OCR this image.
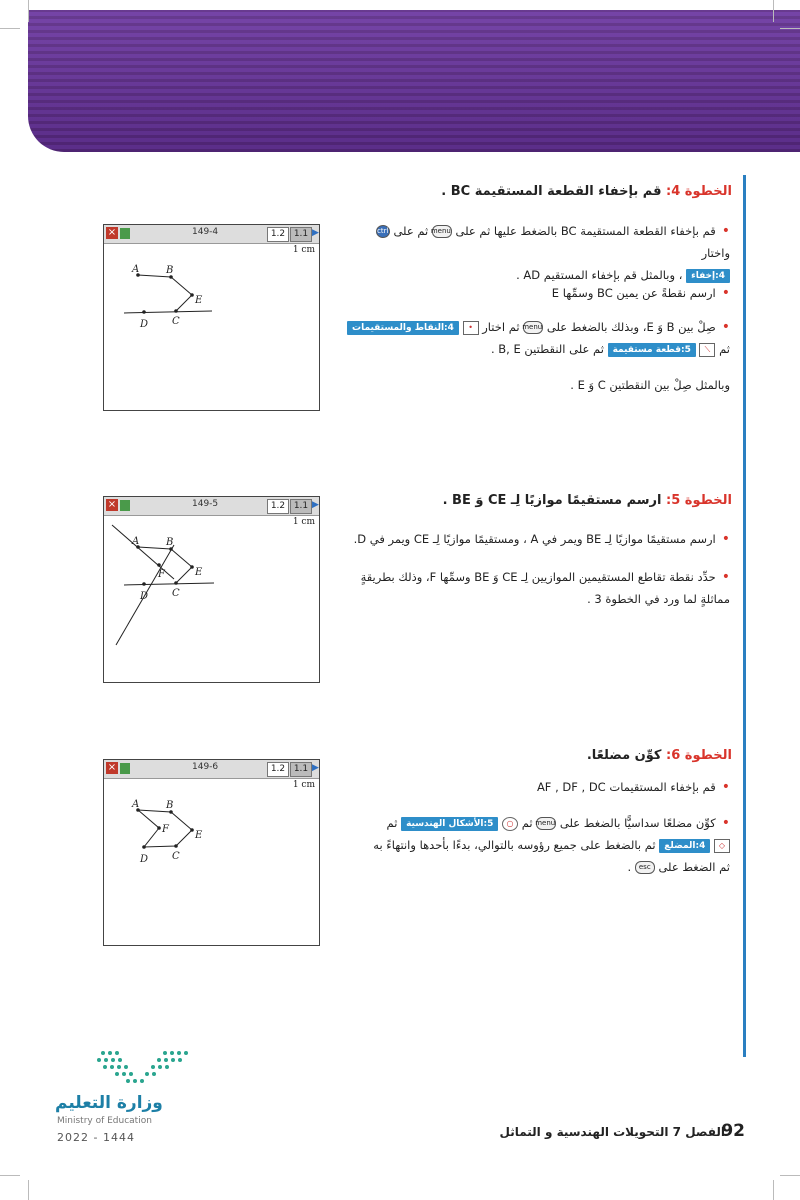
الخطوة 4: قم بإخفاء القطعة المستقيمة BC .
•قم بإخفاء القطعة المستقيمة BC بالضغط عليها ثم على menu ثم على ctrl واختار
4:إخفاء ، وبالمثل قم بإخفاء المستقيم AD .
•ارسم نقطةً عن يمين BC وسمِّها E
•صِلْ بين B وَ E، وبذلك بالضغط على menu ثم اختار • 4:النقاط والمستقيمات
ثم ⟋ 5:قطعة مستقيمة ثم على النقطتين B, E .
وبالمثل صِلْ بين النقطتين C وَ E .
×	149-4	1.2 1.1 ▶
1 cm
A	B
E
C
D
الخطوة 5: ارسم مستقيمًا موازيًا لِـ CE وَ BE .
•ارسم مستقيمًا موازيًا لِـ BE ويمر في A ، ومستقيمًا موازيًا لِـ CE ويمر في D.
•حدِّد نقطة تقاطع المستقيمين الموازيين لِـ CE وَ BE وسمِّها F، وذلك بطريقةٍ
مماثلةٍ لما ورد في الخطوة 3 .
×	149-5	1.2 1.1 ▶
1 cm
A	B
E
C
D
F
الخطوة 6: كوِّن مضلعًا.
•قم بإخفاء المستقيمات AF , DF , DC
•كوِّن مضلعًا سداسيًّا بالضغط على menu ثم ○ 5:الأشكال الهندسية ثم
◇ 4:المضلع ثم بالضغط على جميع رؤوسه بالتوالي، بدءًا بأحدها وانتهاءً به
ثم الضغط على esc .
×	149-6	1.2 1.1 ▶
1 cm
A	B
E
C
D
F
وزارة التعليم
Ministry of Education
2022 - 1444	الفصل 7 التحويلات الهندسية و التماثل	92
